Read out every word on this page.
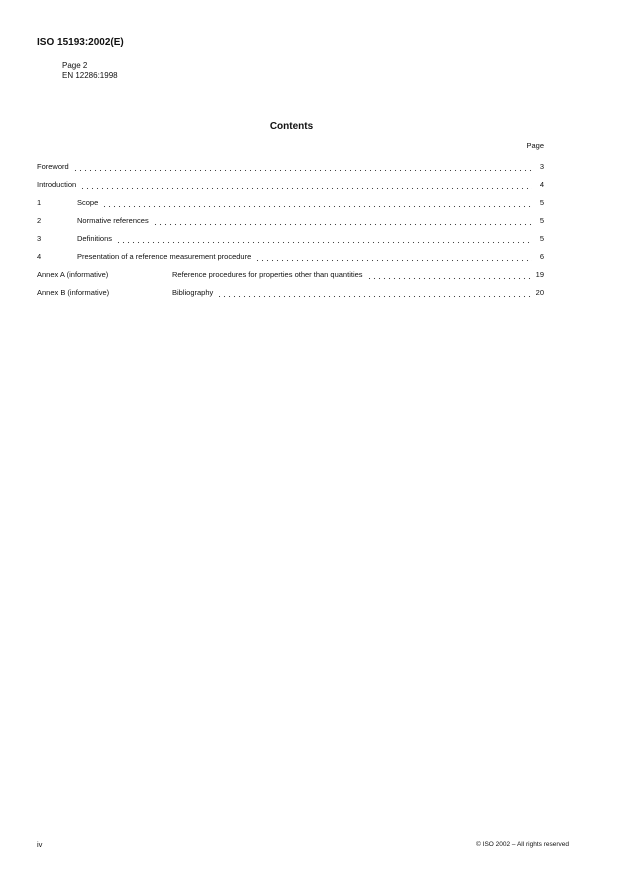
ISO 15193:2002(E)
Page 2
EN 12286:1998
Contents
Page
Foreword	3
Introduction	4
1	Scope	5
2	Normative references	5
3	Definitions	5
4	Presentation of a reference measurement procedure	6
Annex A (informative)	Reference procedures for properties other than quantities	19
Annex B (informative)	Bibliography	20
iv	© ISO 2002 – All rights reserved
